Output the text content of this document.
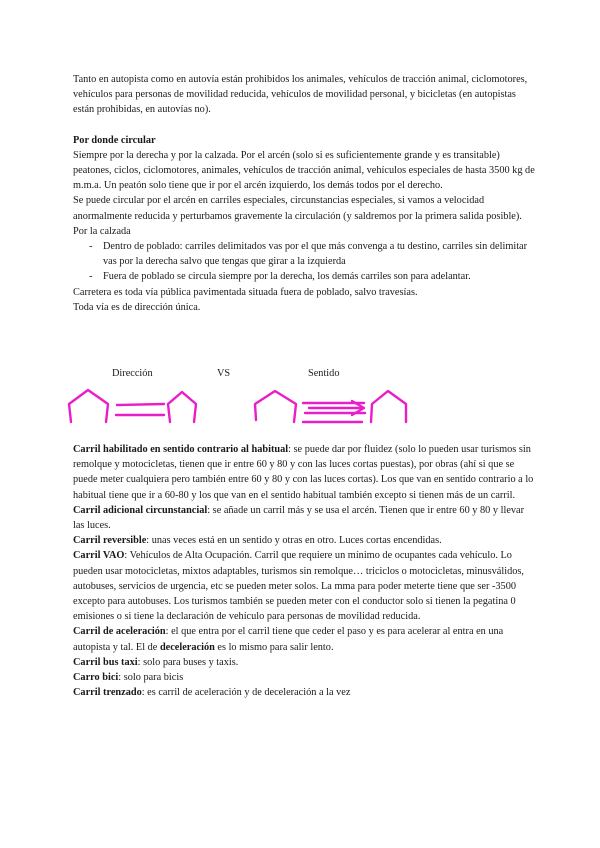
Tanto en autopista como en autovía están prohibidos los animales, vehículos de tracción animal, ciclomotores, vehículos para personas de movilidad reducida, vehículos de movilidad personal, y bicicletas (en autopistas están prohibidas, en autovías no).

Por donde circular

Siempre por la derecha y por la calzada. Por el arcén (solo si es suficientemente grande y es transitable) peatones, ciclos, ciclomotores, animales, vehículos de tracción animal, vehículos especiales de hasta 3500 kg de m.m.a. Un peatón solo tiene que ir por el arcén izquierdo, los demás todos por el derecho.

Se puede circular por el arcén en carriles especiales, circunstancias especiales, si vamos a velocidad anormalmente reducida y perturbamos gravemente la circulación (y saldremos por la primera salida posible).

Por la calzada

- Dentro de poblado: carriles delimitados vas por el que más convenga a tu destino, carriles sin delimitar vas por la derecha salvo que tengas que girar a la izquierda
- Fuera de poblado se circula siempre por la derecha, los demás carriles son para adelantar.

Carretera es toda vía pública pavimentada situada fuera de poblado, salvo travesías.

Toda vía es de dirección única.

Dirección	VS	Sentido

Carril habilitado en sentido contrario al habitual: se puede dar por fluidez (solo lo pueden usar turismos sin remolque y motocicletas, tienen que ir entre 60 y 80 y con las luces cortas puestas), por obras (ahí si que se puede meter cualquiera pero también entre 60 y 80 y con las luces cortas). Los que van en sentido contrario a lo habitual tiene que ir a 60-80 y los que van en el sentido habitual también excepto si tienen más de un carril.

Carril adicional circunstancial: se añade un carril más y se usa el arcén. Tienen que ir entre 60 y 80 y llevar las luces.

Carril reversible: unas veces está en un sentido y otras en otro. Luces cortas encendidas.

Carril VAO: Vehículos de Alta Ocupación. Carril que requiere un mínimo de ocupantes cada vehículo. Lo pueden usar motocicletas, mixtos adaptables, turismos sin remolque… triciclos o motocicletas, minusválidos, autobuses, servicios de urgencia, etc se pueden meter solos. La mma para poder meterte tiene que ser -3500 excepto para autobuses. Los turismos también se pueden meter con el conductor solo si tienen la pegatina 0 emisiones o si tiene la declaración de vehículo para personas de movilidad reducida.

Carril de aceleración: el que entra por el carril tiene que ceder el paso y es para acelerar al entra en una autopista y tal. El de deceleración es lo mismo para salir lento.

Carril bus taxi: solo para buses y taxis.

Carro bici: solo para bicis

Carril trenzado: es carril de aceleración y de deceleración a la vez
